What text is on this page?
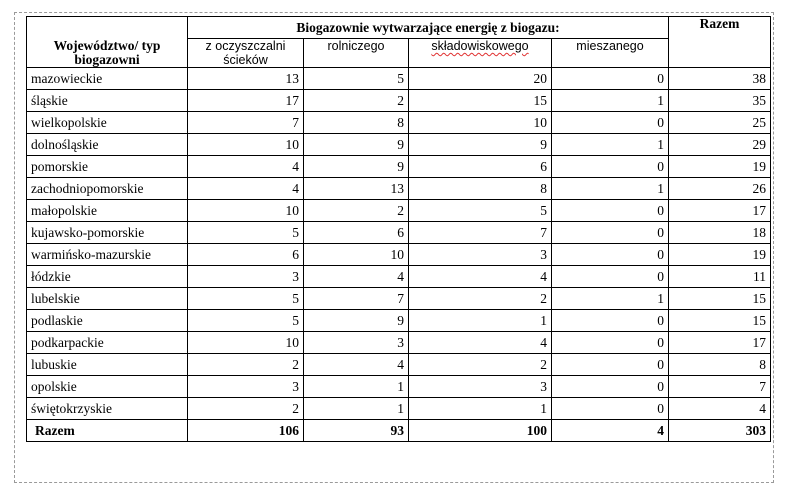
Województwo/ typ biogazowni	Biogazownie wytwarzające energię z biogazu:				Razem
	z oczyszczalni ścieków	rolniczego	składowiskowego	mieszanego	
mazowieckie	13	5	20	0	38
śląskie	17	2	15	1	35
wielkopolskie	7	8	10	0	25
dolnośląskie	10	9	9	1	29
pomorskie	4	9	6	0	19
zachodniopomorskie	4	13	8	1	26
małopolskie	10	2	5	0	17
kujawsko-pomorskie	5	6	7	0	18
warmińsko-mazurskie	6	10	3	0	19
łódzkie	3	4	4	0	11
lubelskie	5	7	2	1	15
podlaskie	5	9	1	0	15
podkarpackie	10	3	4	0	17
lubuskie	2	4	2	0	8
opolskie	3	1	3	0	7
świętokrzyskie	2	1	1	0	4
Razem	106	93	100	4	303
